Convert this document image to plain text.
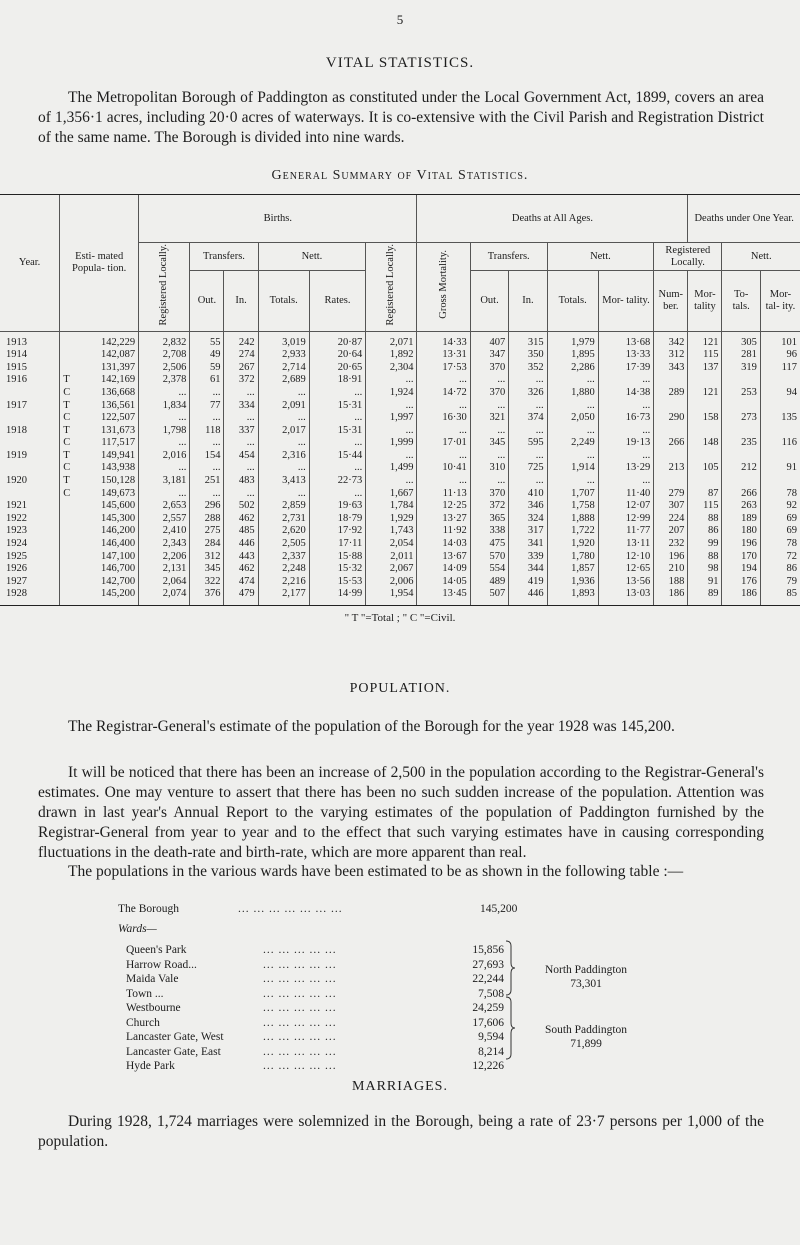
5
VITAL STATISTICS.

The Metropolitan Borough of Paddington as constituted under the Local Government Act, 1899, covers an area of 1,356·1 acres, including 20·0 acres of waterways. It is co-extensive with the Civil Parish and Registration District of the same name. The Borough is divided into nine wards.

General Summary of Vital Statistics.
Year.	Esti- mated Popula- tion.	Births.						Deaths at All Ages.						Deaths under One Year.		
		Registered Locally.	Transfers.		Nett.		Registered Locally.	Gross Mortality.	Transfers.		Nett.		Registered Locally.		Nett.	
			Out.	In.	Totals.	Rates.			Out.	In.	Totals.	Mor- tality.	Num- ber.	Mor- tality	To- tals.	Mor- tal- ity.
1913	142,229	2,832	55	242	3,019	20·87	2,071	14·33	407	315	1,979	13·68	342	121	305	101
1914	142,087	2,708	49	274	2,933	20·64	1,892	13·31	347	350	1,895	13·33	312	115	281	96
1915	131,397	2,506	59	267	2,714	20·65	2,304	17·53	370	352	2,286	17·39	343	137	319	117
1916	T 142,169	2,378	61	372	2,689	18·91	...	...	...	...	...	...				
	C 136,668	...	...	...	...	...	1,924	14·72	370	326	1,880	14·38	289	121	253	94
1917	T 136,561	1,834	77	334	2,091	15·31	...	...	...	...	...	...				
	C 122,507	...	...	...	...	...	1,997	16·30	321	374	2,050	16·73	290	158	273	135
1918	T 131,673	1,798	118	337	2,017	15·31	...	...	...	...	...	...				
	C 117,517	...	...	...	...	...	1,999	17·01	345	595	2,249	19·13	266	148	235	116
1919	T 149,941	2,016	154	454	2,316	15·44	...	...	...	...	...	...				
	C 143,938	...	...	...	...	...	1,499	10·41	310	725	1,914	13·29	213	105	212	91
1920	T 150,128	3,181	251	483	3,413	22·73	...	...	...	...	...	...				
	C 149,673	...	...	...	...	...	1,667	11·13	370	410	1,707	11·40	279	87	266	78
1921	145,600	2,653	296	502	2,859	19·63	1,784	12·25	372	346	1,758	12·07	307	115	263	92
1922	145,300	2,557	288	462	2,731	18·79	1,929	13·27	365	324	1,888	12·99	224	88	189	69
1923	146,200	2,410	275	485	2,620	17·92	1,743	11·92	338	317	1,722	11·77	207	86	180	69
1924	146,400	2,343	284	446	2,505	17·11	2,054	14·03	475	341	1,920	13·11	232	99	196	78
1925	147,100	2,206	312	443	2,337	15·88	2,011	13·67	570	339	1,780	12·10	196	88	170	72
1926	146,700	2,131	345	462	2,248	15·32	2,067	14·09	554	344	1,857	12·65	210	98	194	86
1927	142,700	2,064	322	474	2,216	15·53	2,006	14·05	489	419	1,936	13·56	188	91	176	79
1928	145,200	2,074	376	479	2,177	14·99	1,954	13·45	507	446	1,893	13·03	186	89	186	85
" T "=Total ; " C "=Civil.
POPULATION.

The Registrar-General's estimate of the population of the Borough for the year 1928 was 145,200.

It will be noticed that there has been an increase of 2,500 in the population according to the Registrar-General's estimates. One may venture to assert that there has been no such sudden increase of the population. Attention was drawn in last year's Annual Report to the varying estimates of the population of Paddington furnished by the Registrar-General from year to year and to the effect that such varying estimates have in causing corresponding fluctuations in the death-rate and birth-rate, which are more apparent than real.

The populations in the various wards have been estimated to be as shown in the following table :—

The Borough	... ... ... ... ... ... ...	145,200
Wards—
Queen's Park	... ... ... ... ...	15,856
Harrow Road...	... ... ... ... ...	27,693
Maida Vale	... ... ... ... ...	22,244
Town ...	... ... ... ... ...	7,508
Westbourne	... ... ... ... ...	24,259
Church	... ... ... ... ...	17,606
Lancaster Gate, West	... ... ... ... ...	9,594
Lancaster Gate, East	... ... ... ... ...	8,214
Hyde Park	... ... ... ... ...	12,226
North Paddington
73,301
South Paddington
71,899
MARRIAGES.

During 1928, 1,724 marriages were solemnized in the Borough, being a rate of 23·7 persons per 1,000 of the population.
